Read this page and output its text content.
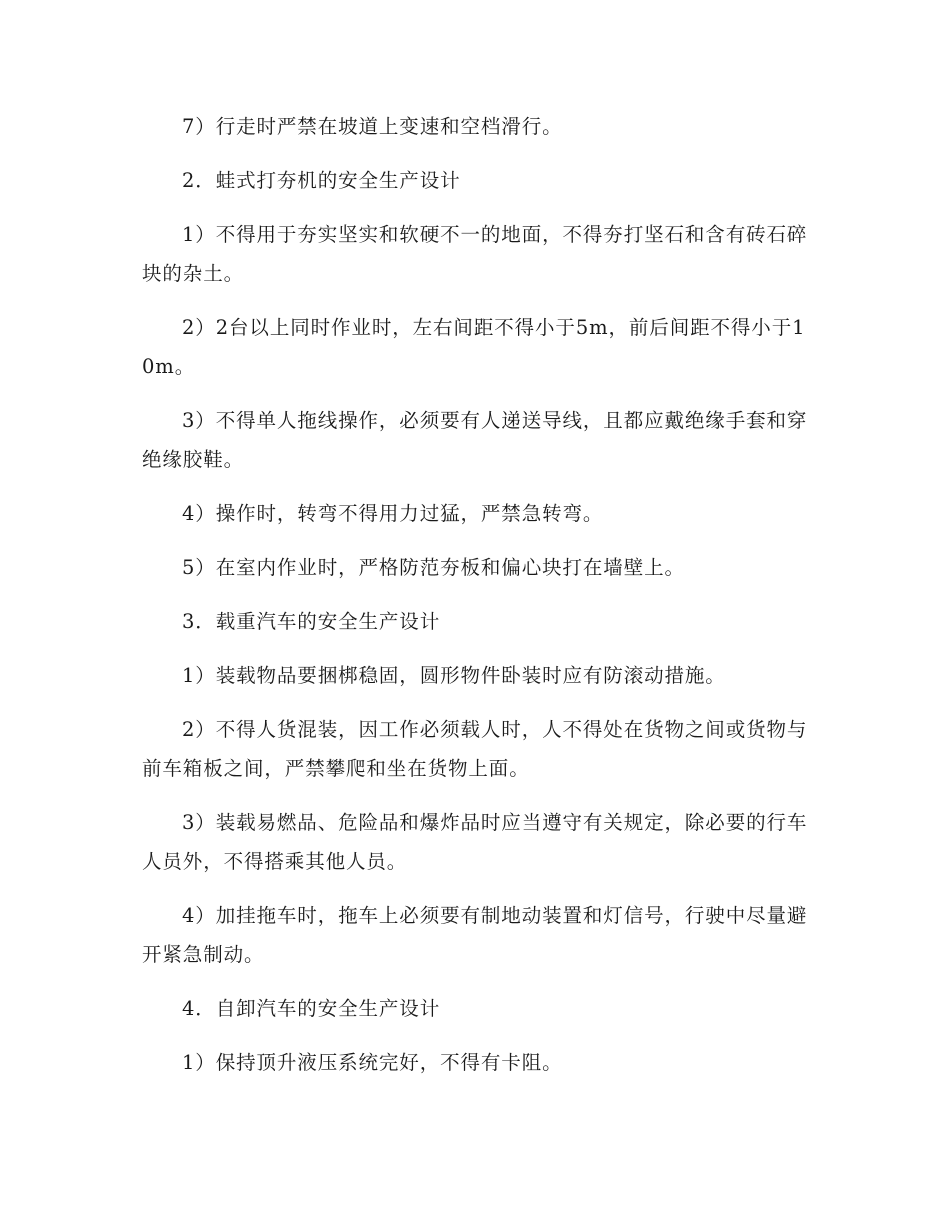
7）行走时严禁在坡道上变速和空档滑行。

2．蛙式打夯机的安全生产设计

1）不得用于夯实坚实和软硬不一的地面，不得夯打坚石和含有砖石碎块的杂土。

2）2台以上同时作业时，左右间距不得小于5m，前后间距不得小于10m。

3）不得单人拖线操作，必须要有人递送导线，且都应戴绝缘手套和穿绝缘胶鞋。

4）操作时，转弯不得用力过猛，严禁急转弯。

5）在室内作业时，严格防范夯板和偏心块打在墙壁上。

3．载重汽车的安全生产设计

1）装载物品要捆梆稳固，圆形物件卧装时应有防滚动措施。

2）不得人货混装，因工作必须载人时，人不得处在货物之间或货物与前车箱板之间，严禁攀爬和坐在货物上面。

3）装载易燃品、危险品和爆炸品时应当遵守有关规定，除必要的行车人员外，不得搭乘其他人员。

4）加挂拖车时，拖车上必须要有制地动装置和灯信号，行驶中尽量避开紧急制动。

4．自卸汽车的安全生产设计

1）保持顶升液压系统完好，不得有卡阻。
